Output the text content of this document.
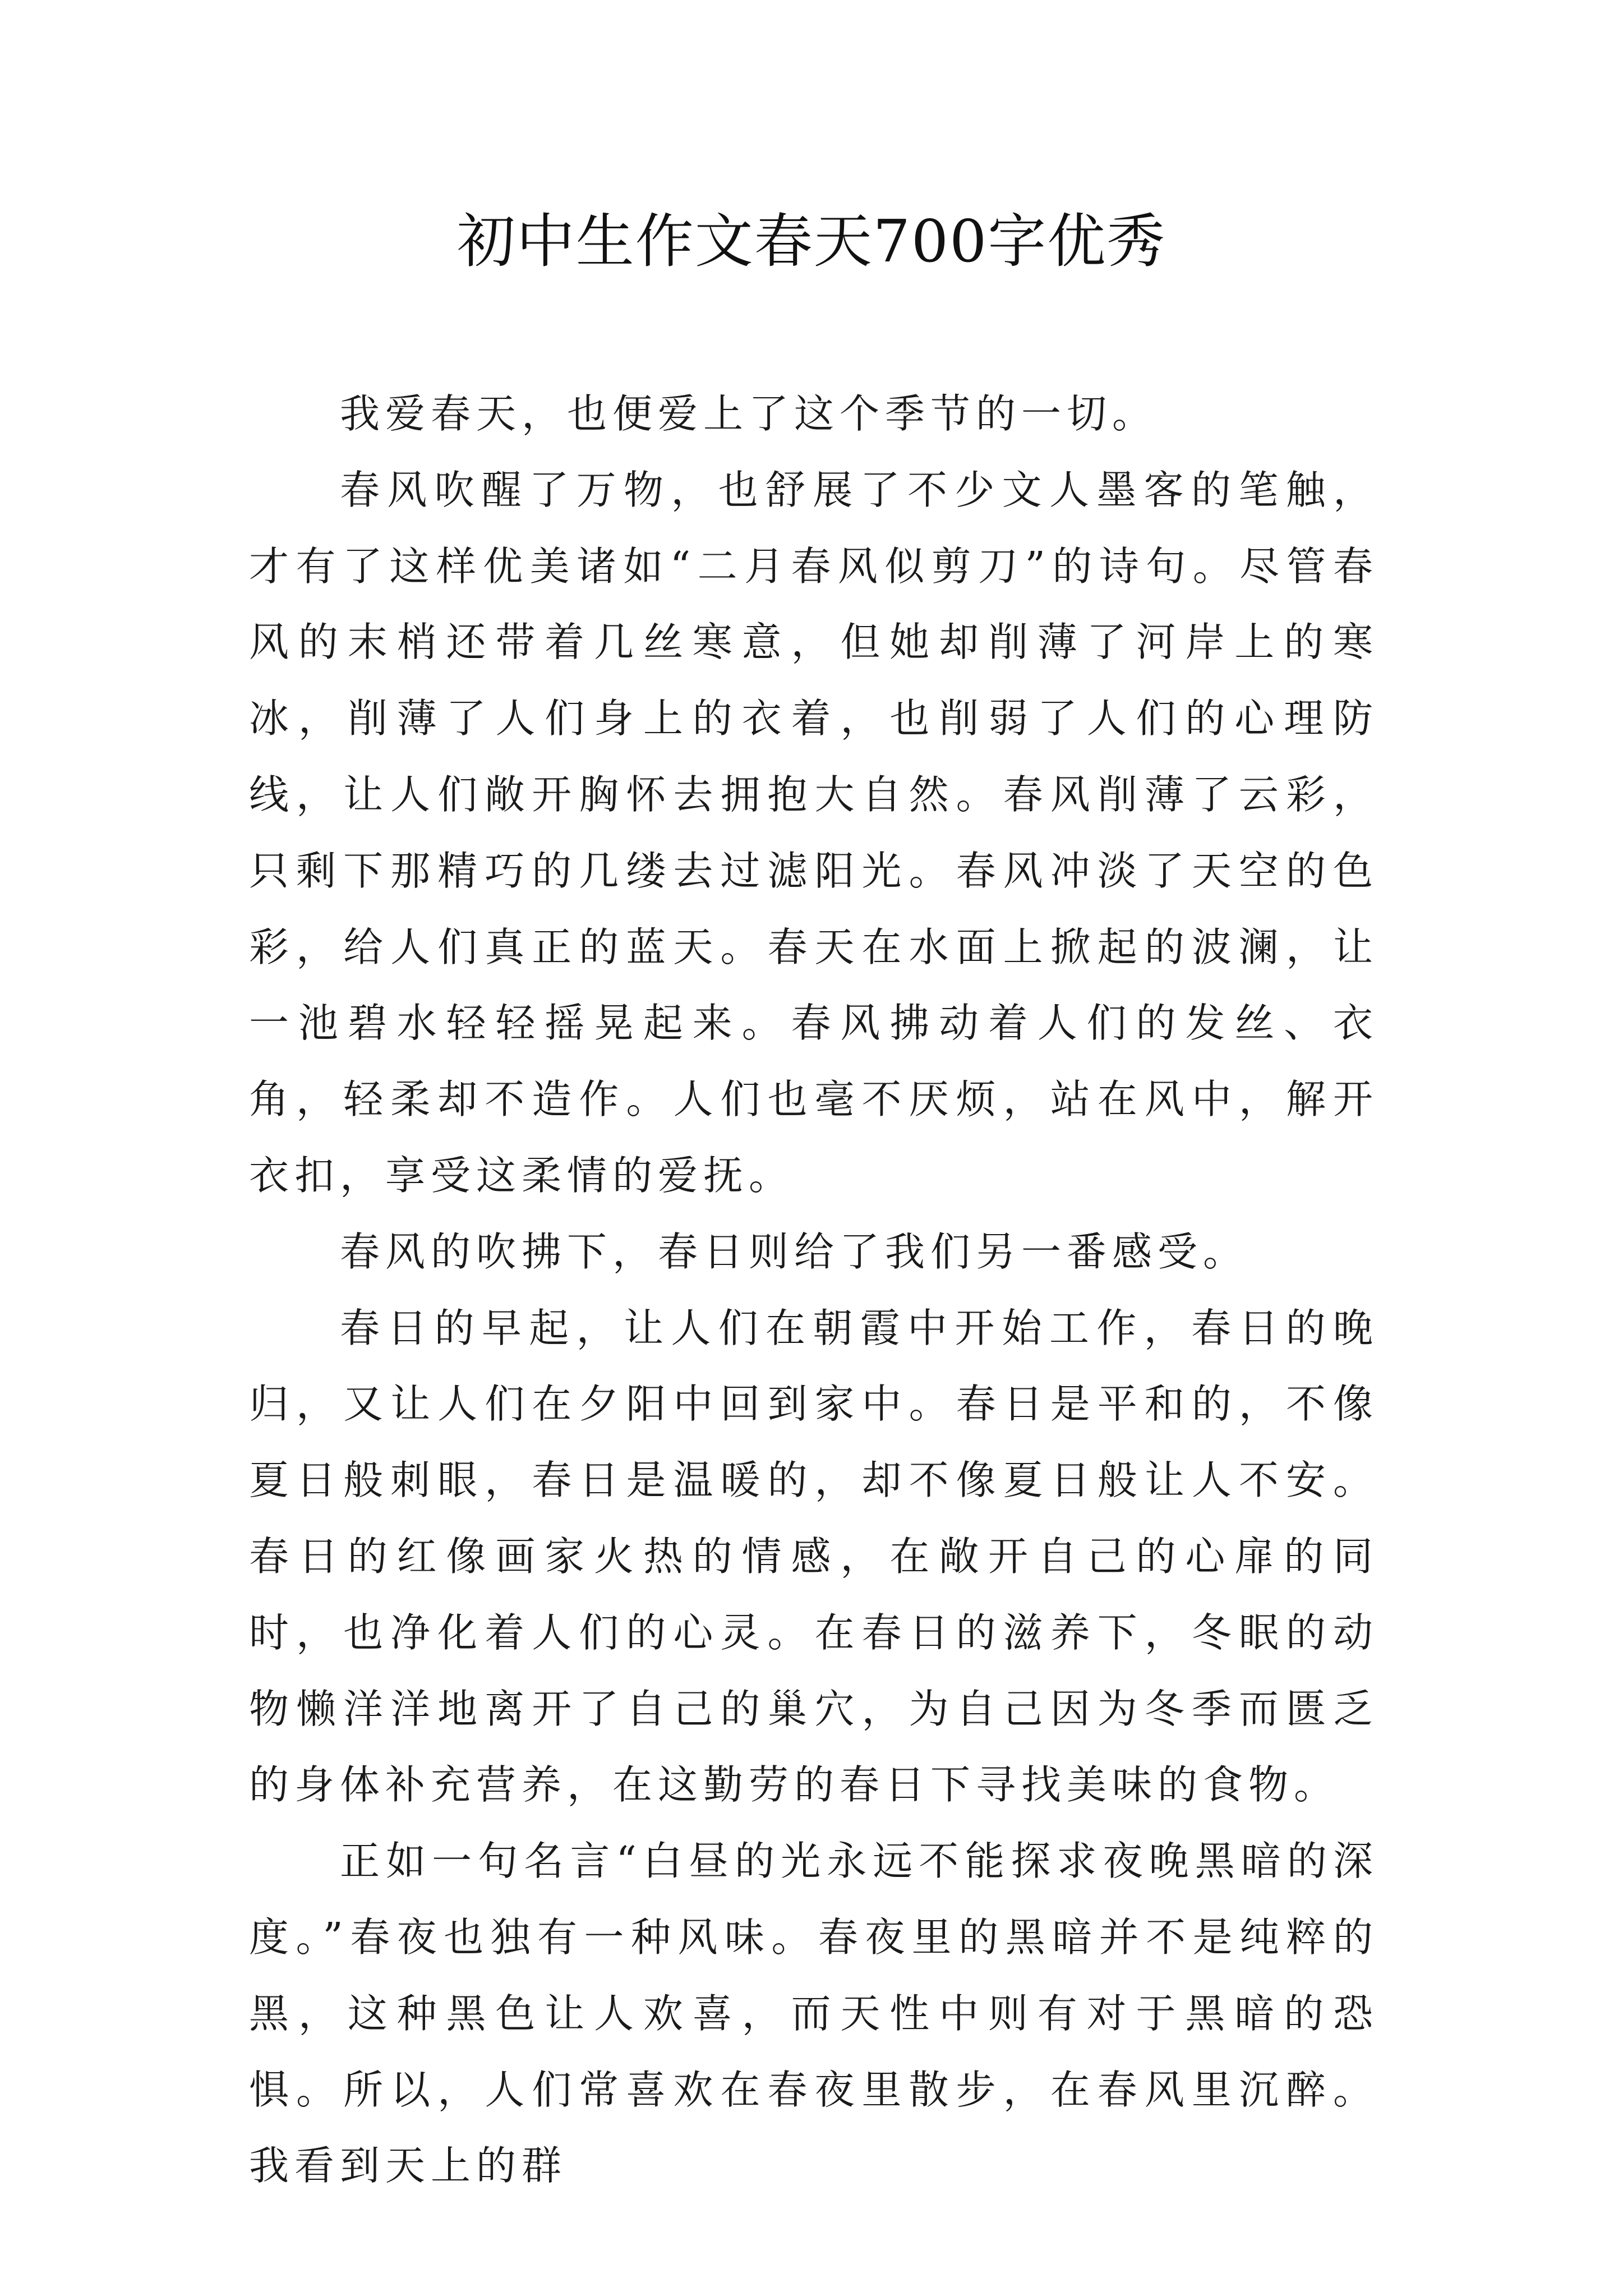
初中生作文春天700字优秀

我爱春天，也便爱上了这个季节的一切。

春风吹醒了万物，也舒展了不少文人墨客的笔触，才有了这样优美诸如“二月春风似剪刀”的诗句。尽管春风的末梢还带着几丝寒意，但她却削薄了河岸上的寒冰，削薄了人们身上的衣着，也削弱了人们的心理防线，让人们敞开胸怀去拥抱大自然。春风削薄了云彩，只剩下那精巧的几缕去过滤阳光。春风冲淡了天空的色彩，给人们真正的蓝天。春天在水面上掀起的波澜，让一池碧水轻轻摇晃起来。春风拂动着人们的发丝、衣角，轻柔却不造作。人们也毫不厌烦，站在风中，解开衣扣，享受这柔情的爱抚。

春风的吹拂下，春日则给了我们另一番感受。

春日的早起，让人们在朝霞中开始工作，春日的晚归，又让人们在夕阳中回到家中。春日是平和的，不像夏日般刺眼，春日是温暖的，却不像夏日般让人不安。春日的红像画家火热的情感，在敞开自己的心扉的同时，也净化着人们的心灵。在春日的滋养下，冬眠的动物懒洋洋地离开了自己的巢穴，为自己因为冬季而匮乏的身体补充营养，在这勤劳的春日下寻找美味的食物。

正如一句名言“白昼的光永远不能探求夜晚黑暗的深度。”春夜也独有一种风味。春夜里的黑暗并不是纯粹的黑，这种黑色让人欢喜，而天性中则有对于黑暗的恐惧。所以，人们常喜欢在春夜里散步，在春风里沉醉。我看到天上的群
